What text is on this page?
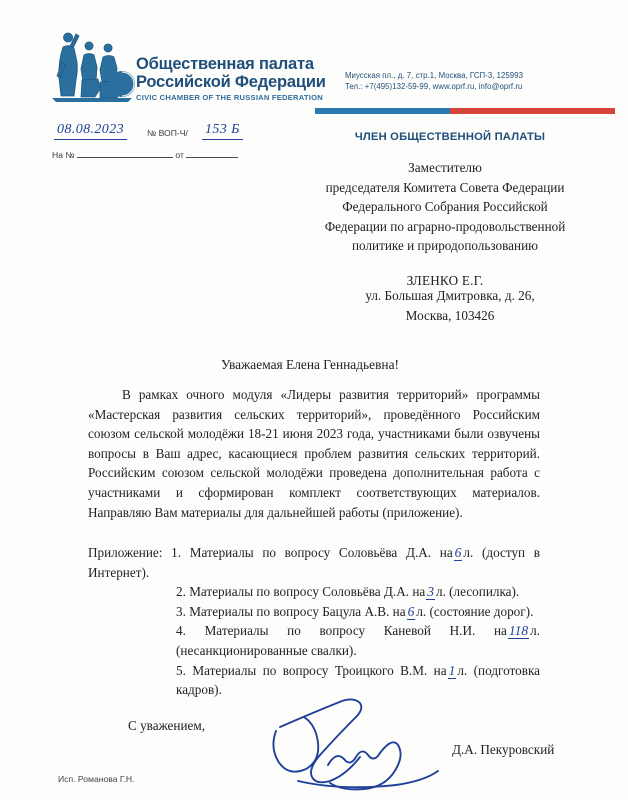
Общественная палата
Российской Федерации
CIVIC CHAMBER OF THE RUSSIAN FEDERATION
Миусская пл., д. 7, стр.1, Москва, ГСП-3, 125993
Тел.: +7(495)132-59-99, www.oprf.ru, info@oprf.ru
08.08.2023	№ ВОП-Ч/ 153 Б
На №	от
ЧЛЕН ОБЩЕСТВЕННОЙ ПАЛАТЫ
Заместителю
председателя Комитета Совета Федерации
Федерального Собрания Российской
Федерации по аграрно-продовольственной
политике и природопользованию
ЗЛЕНКО Е.Г.
ул. Большая Дмитровка, д. 26,
Москва, 103426
Уважаемая Елена Геннадьевна!
В рамках очного модуля «Лидеры развития территорий» программы «Мастерская развития сельских территорий», проведённого Российским союзом сельской молодёжи 18-21 июня 2023 года, участниками были озвучены вопросы в Ваш адрес, касающиеся проблем развития сельских территорий. Российским союзом сельской молодёжи проведена дополнительная работа с участниками и сформирован комплект соответствующих материалов. Направляю Вам материалы для дальнейшей работы (приложение).
Приложение: 1. Материалы по вопросу Соловьёва Д.А. на 6 л. (доступ в Интернет).
2. Материалы по вопросу Соловьёва Д.А. на 3 л. (лесопилка).
3. Материалы по вопросу Бацула А.В. на 6 л. (состояние дорог).
4. Материалы по вопросу Каневой Н.И. на 118 л. (несанкционированные свалки).
5. Материалы по вопросу Троицкого В.М. на 1 л. (подготовка кадров).
С уважением,
Д.А. Пекуровский
Исп. Романова Г.Н.
